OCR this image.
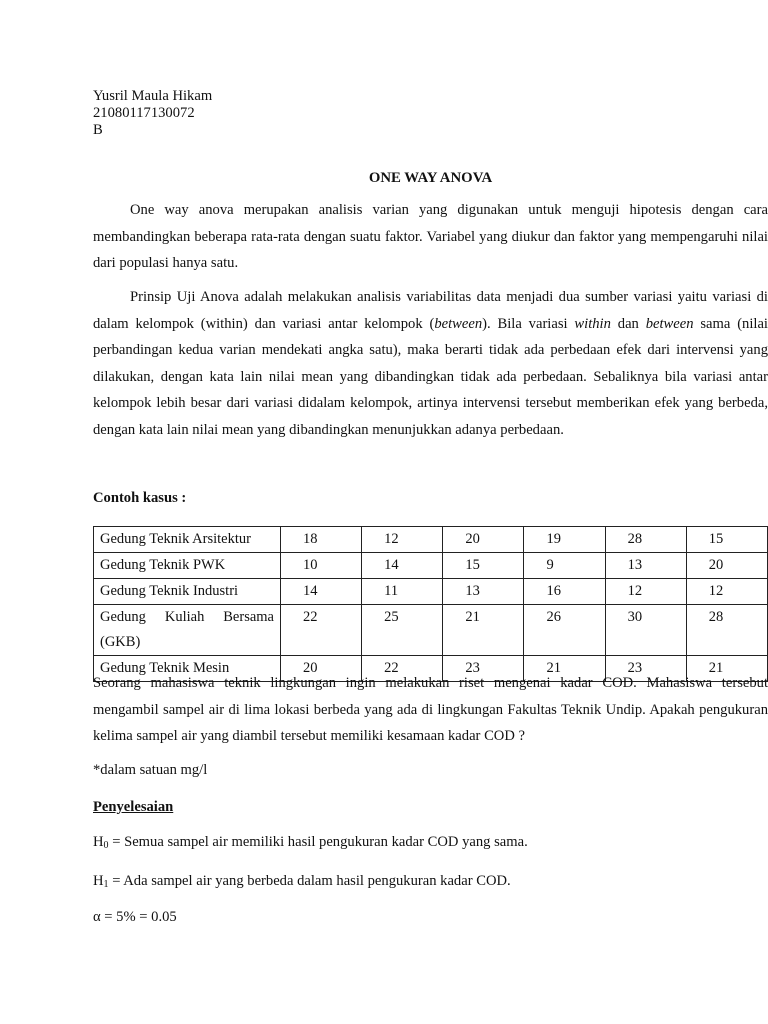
Yusril Maula Hikam
21080117130072
B
ONE WAY ANOVA
One way anova merupakan analisis varian yang digunakan untuk menguji hipotesis dengan cara membandingkan beberapa rata-rata dengan suatu faktor. Variabel yang diukur dan faktor yang mempengaruhi nilai dari populasi hanya satu.
Prinsip Uji Anova adalah melakukan analisis variabilitas data menjadi dua sumber variasi yaitu variasi di dalam kelompok (within) dan variasi antar kelompok (between). Bila variasi within dan between sama (nilai perbandingan kedua varian mendekati angka satu), maka berarti tidak ada perbedaan efek dari intervensi yang dilakukan, dengan kata lain nilai mean yang dibandingkan tidak ada perbedaan. Sebaliknya bila variasi antar kelompok lebih besar dari variasi didalam kelompok, artinya intervensi tersebut memberikan efek yang berbeda, dengan kata lain nilai mean yang dibandingkan menunjukkan adanya perbedaan.
Contoh kasus :
Gedung Teknik Arsitektur	18	12	20	19	28	15
Gedung Teknik PWK	10	14	15	9	13	20
Gedung Teknik Industri	14	11	13	16	12	12
Gedung Kuliah Bersama (GKB)	22	25	21	26	30	28
Gedung Teknik Mesin	20	22	23	21	23	21
Seorang mahasiswa teknik lingkungan ingin melakukan riset mengenai kadar COD. Mahasiswa tersebut mengambil sampel air di lima lokasi berbeda yang ada di lingkungan Fakultas Teknik Undip. Apakah pengukuran kelima sampel air yang diambil tersebut memiliki kesamaan kadar COD ?
*dalam satuan mg/l
Penyelesaian
$H_0$ = Semua sampel air memiliki hasil pengukuran kadar COD yang sama.
$H_1$ = Ada sampel air yang berbeda dalam hasil pengukuran kadar COD.
α = 5% = 0.05
